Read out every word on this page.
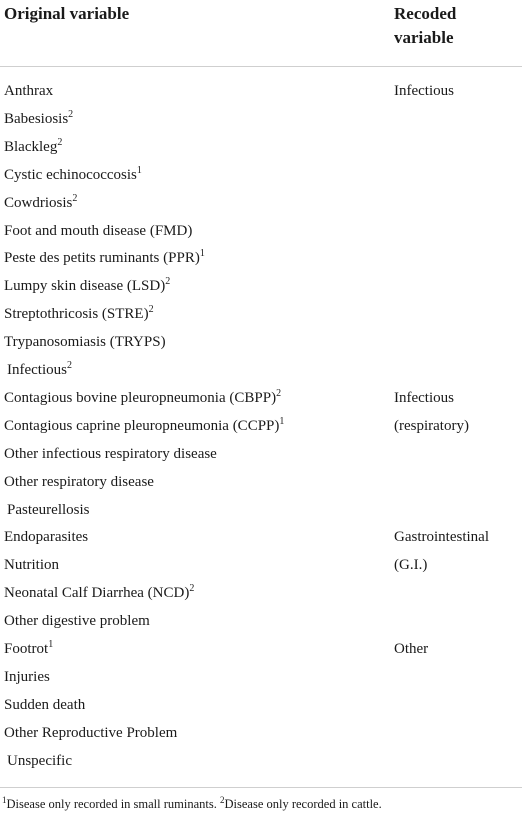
Original variable	Recoded
variable
Anthrax	Infectious
Babesiosis$^2$
Blackleg$^2$
Cystic echinococcosis$^1$
Cowdriosis$^2$
Foot and mouth disease (FMD)
Peste des petits ruminants (PPR)$^1$
Lumpy skin disease (LSD)$^2$
Streptothricosis (STRE)$^2$
Trypanosomiasis (TRYPS)
Infectious$^2$
Contagious bovine pleuropneumonia (CBPP)$^2$	Infectious
Contagious caprine pleuropneumonia (CCPP)$^1$	(respiratory)
Other infectious respiratory disease
Other respiratory disease
Pasteurellosis
Endoparasites	Gastrointestinal
Nutrition	(G.I.)
Neonatal Calf Diarrhea (NCD)$^2$
Other digestive problem
Footrot$^1$	Other
Injuries
Sudden death
Other Reproductive Problem
Unspecific
$^1$Disease only recorded in small ruminants. $^2$Disease only recorded in cattle.
